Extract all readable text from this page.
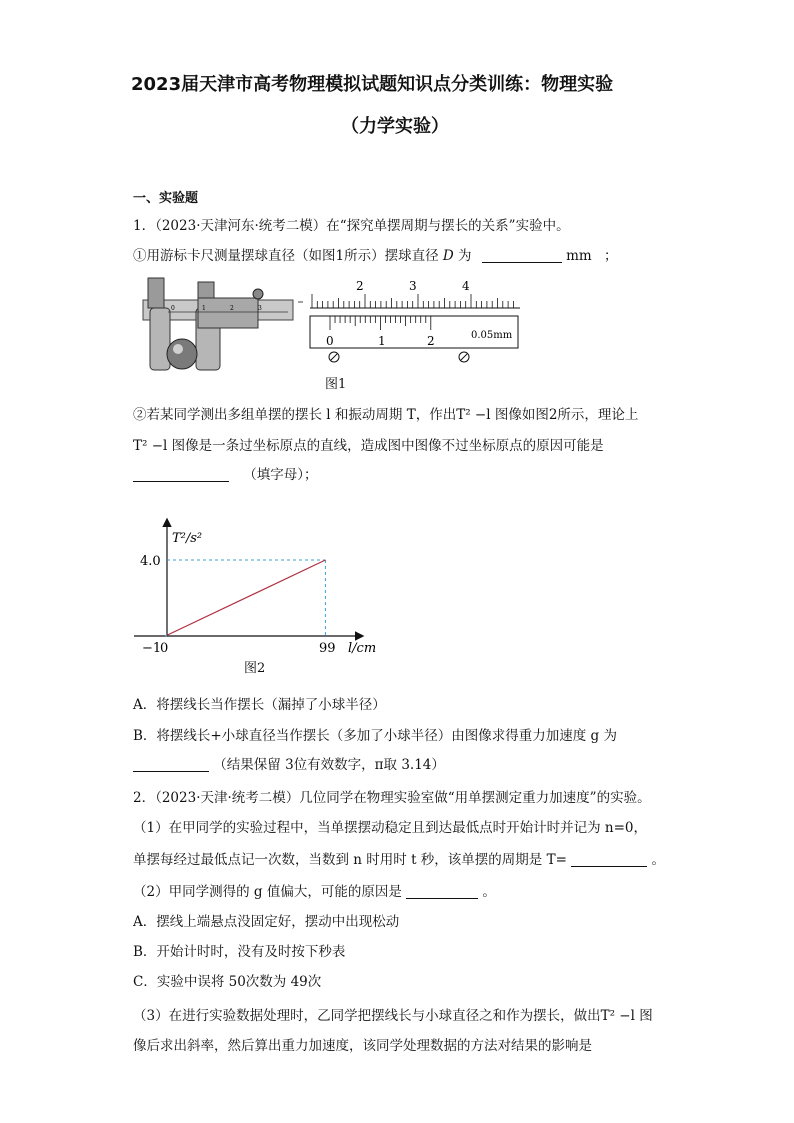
2023届天津市高考物理模拟试题知识点分类训练：物理实验
（力学实验）
一、实验题
1．（2023·天津河东·统考二模）在“探究单摆周期与摆长的关系”实验中。
①用游标卡尺测量摆球直径（如图1所示）摆球直径 D 为	mm ；
0	1	2	3
2	3	4
0	1	2	0.05mm
图1
②若某同学测出多组单摆的摆长 l 和振动周期 T，作出T² −l 图像如图2所示，理论上
T² −l 图像是一条过坐标原点的直线，造成图中图像不过坐标原点的原因可能是
（填字母）；
T²/s²
4.0
−1
0	99 l/cm
图2
A．将摆线长当作摆长（漏掉了小球半径）
B．将摆线长+小球直径当作摆长（多加了小球半径）由图像求得重力加速度 g 为
（结果保留 3位有效数字，π取 3.14）
2．（2023·天津·统考二模）几位同学在物理实验室做“用单摆测定重力加速度”的实验。
（1）在甲同学的实验过程中，当单摆摆动稳定且到达最低点时开始计时并记为 n=0，
单摆每经过最低点记一次数，当数到 n 时用时 t 秒，该单摆的周期是 T=	。
（2）甲同学测得的 g 值偏大，可能的原因是	。
A．摆线上端悬点没固定好，摆动中出现松动
B．开始计时时，没有及时按下秒表
C．实验中误将 50次数为 49次
（3）在进行实验数据处理时，乙同学把摆线长与小球直径之和作为摆长，做出T² −l 图
像后求出斜率，然后算出重力加速度，该同学处理数据的方法对结果的影响是
